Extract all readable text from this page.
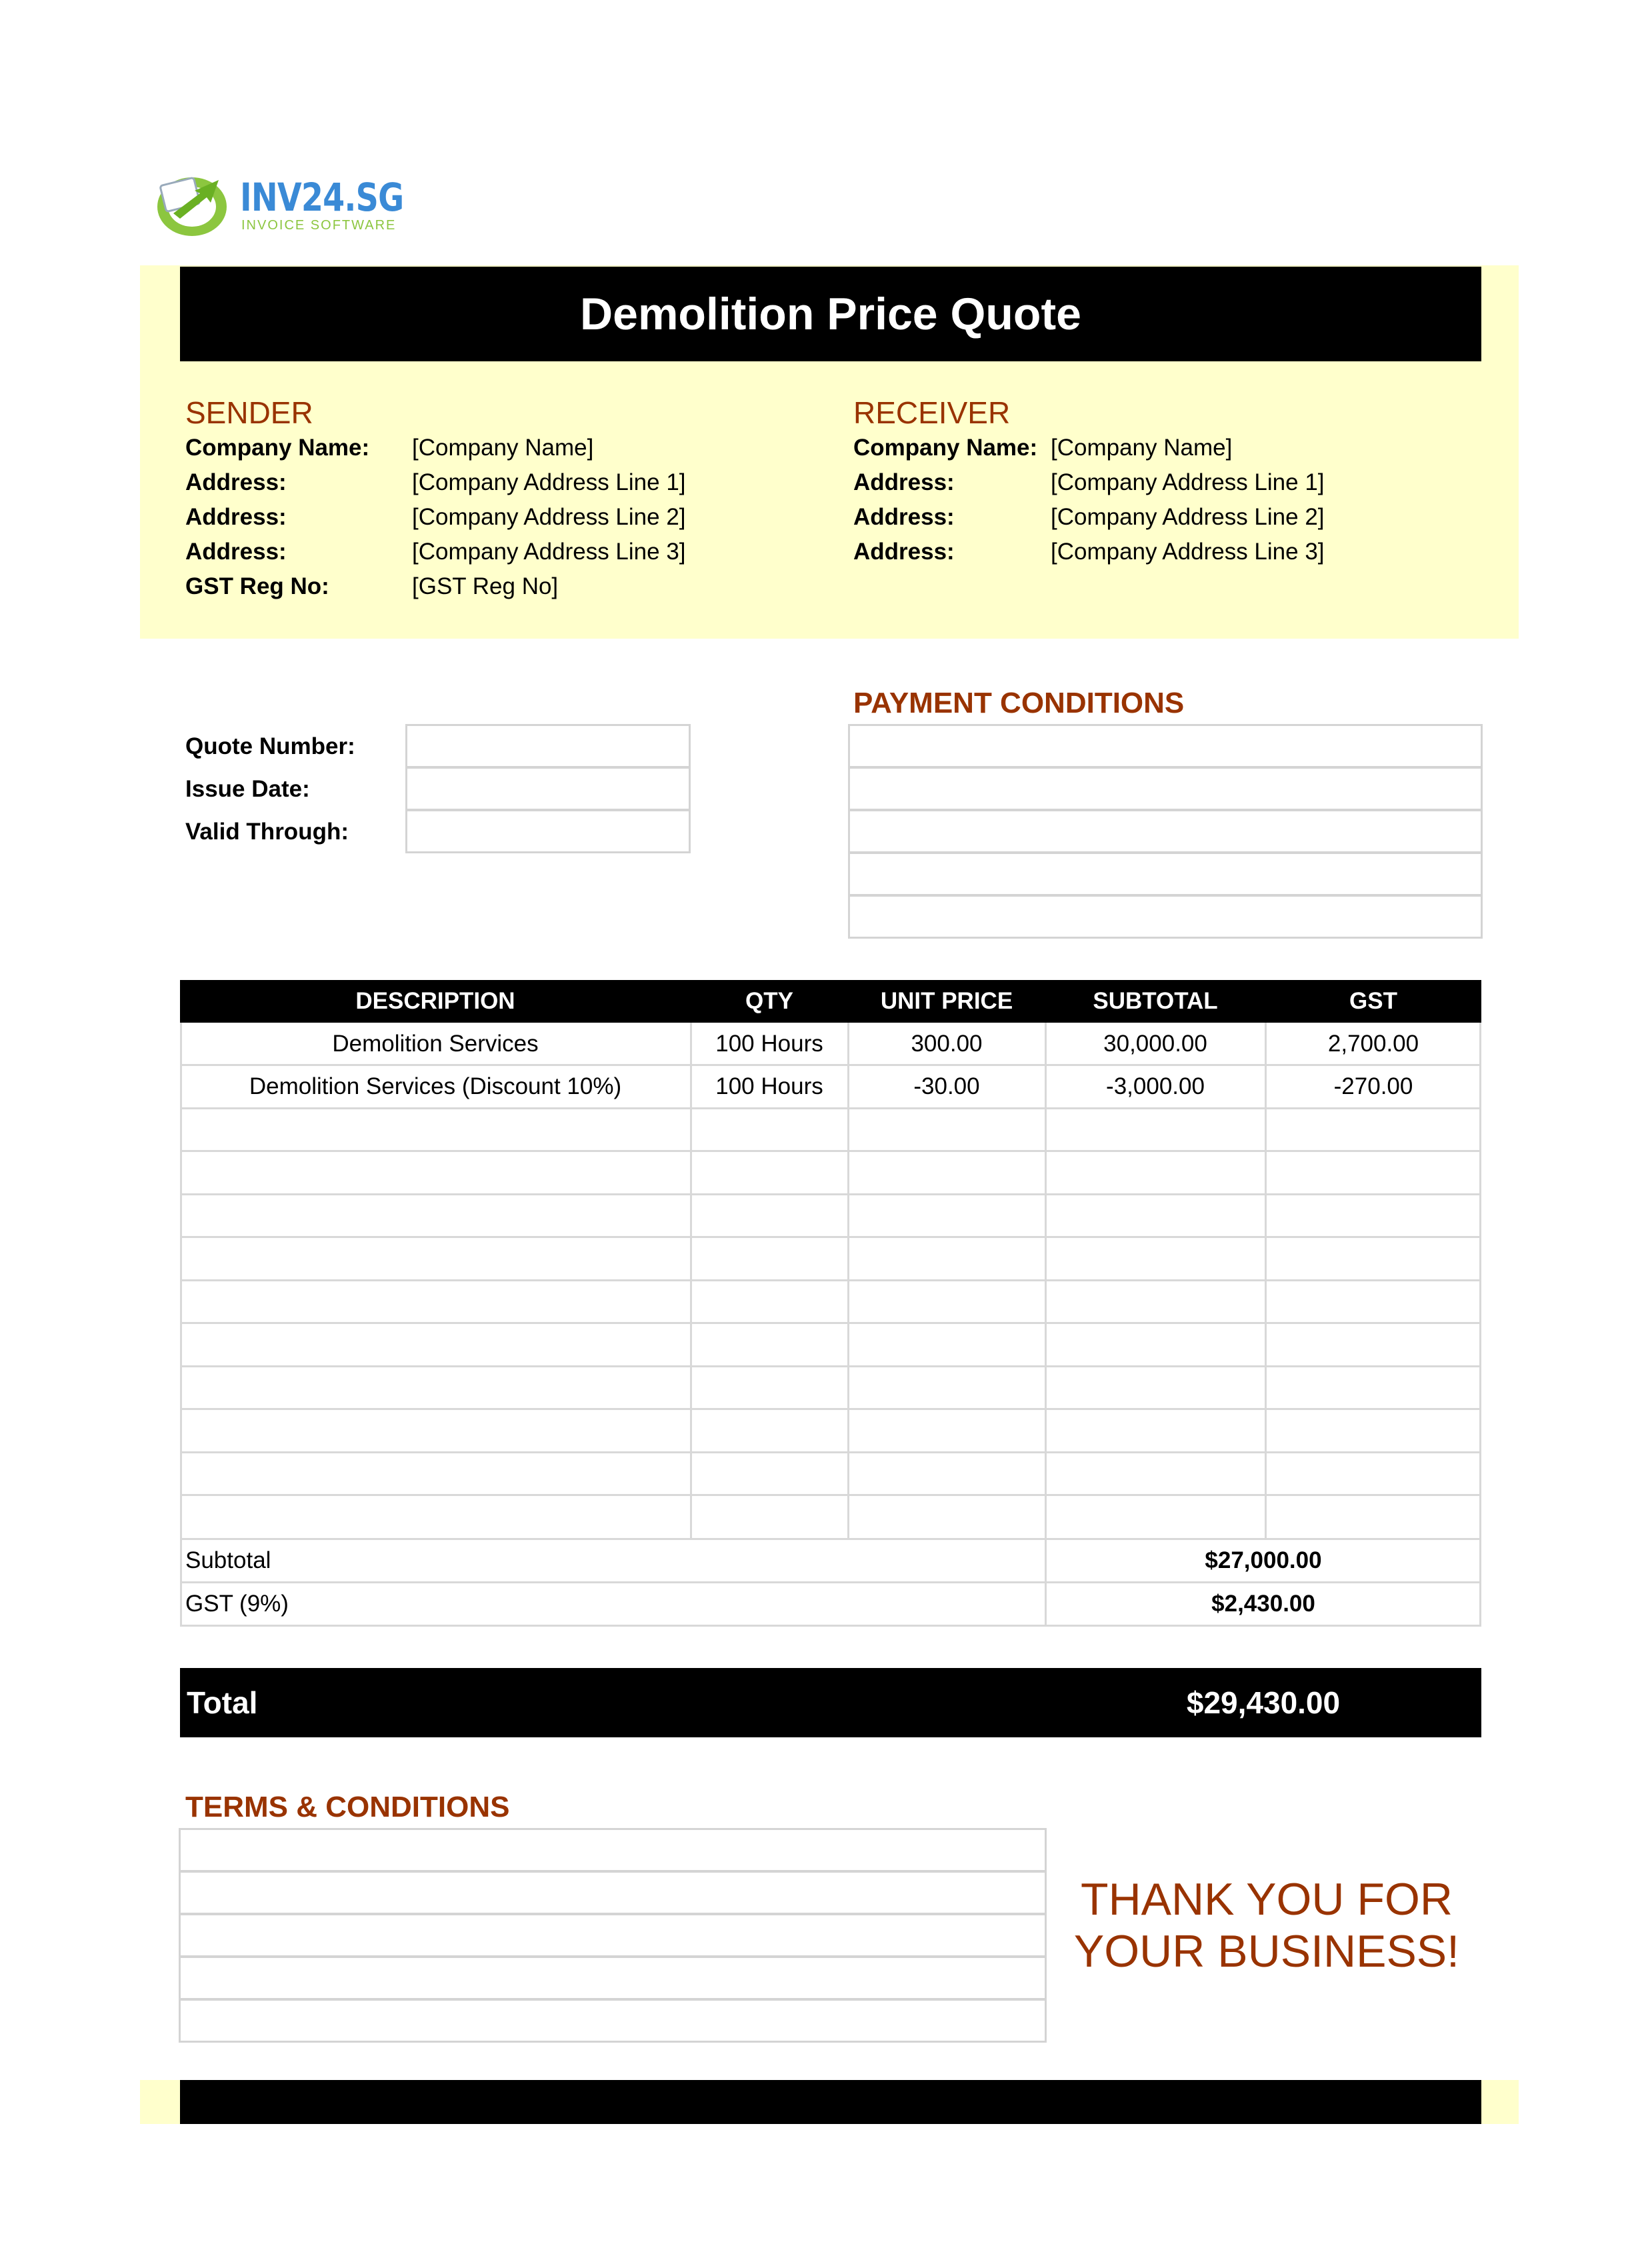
INV24.SG
INVOICE SOFTWARE
Demolition Price Quote
SENDER
Company Name: [Company Name]
Address:	[Company Address Line 1]
Address:	[Company Address Line 2]
Address:	[Company Address Line 3]
GST Reg No:	[GST Reg No]
RECEIVER
Company Name: [Company Name]
Address:	[Company Address Line 1]
Address:	[Company Address Line 2]
Address:	[Company Address Line 3]
Quote Number:
Issue Date:
Valid Through:
PAYMENT CONDITIONS
DESCRIPTION	QTY	UNIT PRICE	SUBTOTAL	GST
Demolition Services	100 Hours	300.00	30,000.00	2,700.00
Demolition Services (Discount 10%)	100 Hours	-30.00	-3,000.00	-270.00
Subtotal	$27,000.00
GST (9%)	$2,430.00
Total	$29,430.00
TERMS & CONDITIONS
THANK YOU FOR
YOUR BUSINESS!
